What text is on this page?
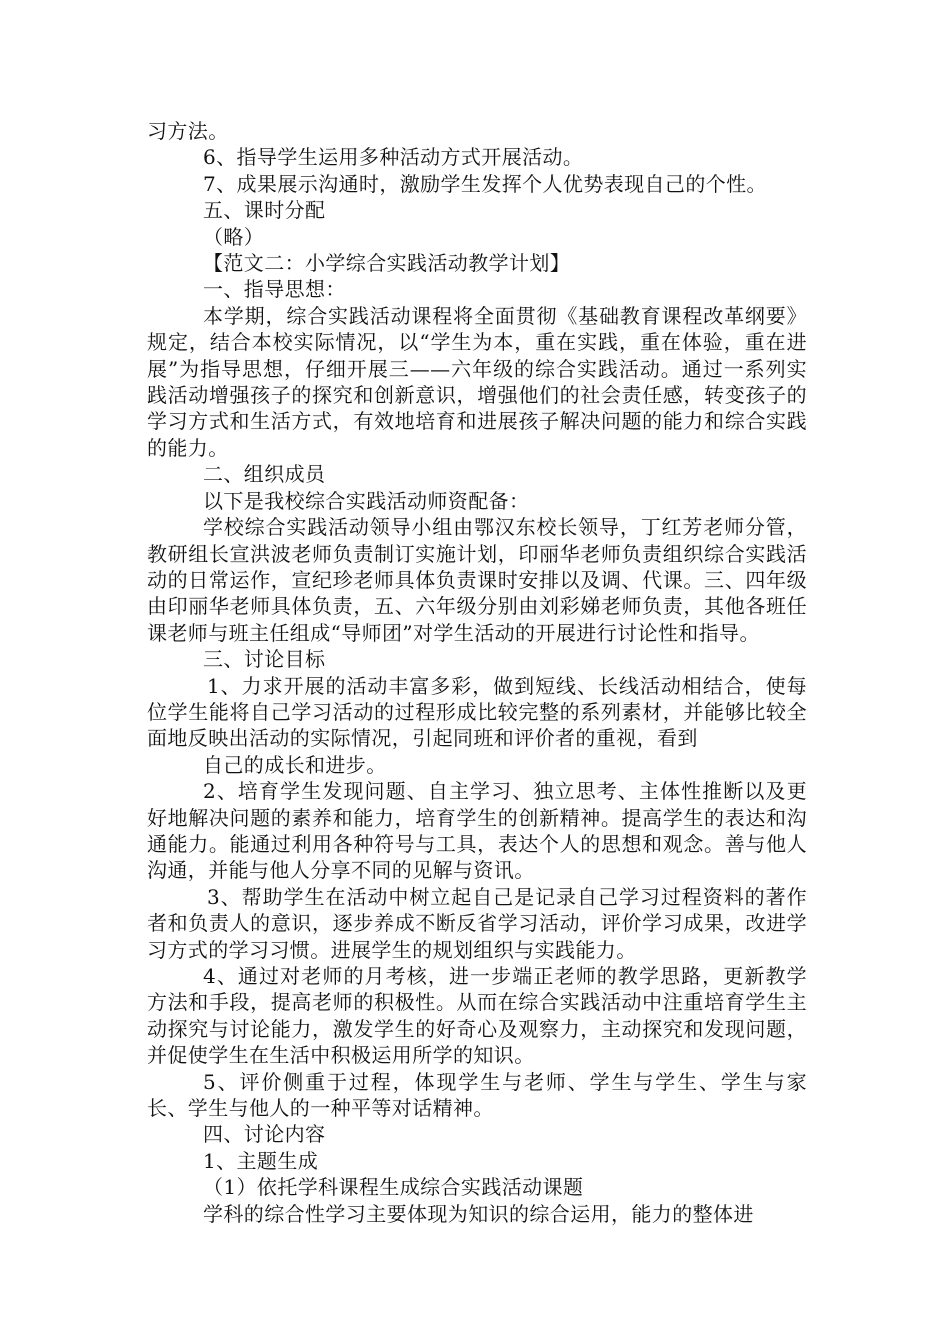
习方法。

6、指导学生运用多种活动方式开展活动。

7、成果展示沟通时，激励学生发挥个人优势表现自己的个性。

五、课时分配

（略）

【范文二：小学综合实践活动教学计划】

一、指导思想：

本学期，综合实践活动课程将全面贯彻《基础教育课程改革纲要》规定，结合本校实际情况，以“学生为本，重在实践，重在体验，重在进展”为指导思想，仔细开展三——六年级的综合实践活动。通过一系列实践活动增强孩子的探究和创新意识，增强他们的社会责任感，转变孩子的学习方式和生活方式，有效地培育和进展孩子解决问题的能力和综合实践的能力。

二、组织成员

以下是我校综合实践活动师资配备：

学校综合实践活动领导小组由鄂汉东校长领导，丁红芳老师分管，教研组长宣洪波老师负责制订实施计划，印丽华老师负责组织综合实践活动的日常运作，宣纪珍老师具体负责课时安排以及调、代课。三、四年级由印丽华老师具体负责，五、六年级分别由刘彩娣老师负责，其他各班任课老师与班主任组成“导师团”对学生活动的开展进行讨论性和指导。

三、讨论目标

1、力求开展的活动丰富多彩，做到短线、长线活动相结合，使每位学生能将自己学习活动的过程形成比较完整的系列素材，并能够比较全面地反映出活动的实际情况，引起同班和评价者的重视，看到

自己的成长和进步。

2、培育学生发现问题、自主学习、独立思考、主体性推断以及更好地解决问题的素养和能力，培育学生的创新精神。提高学生的表达和沟通能力。能通过利用各种符号与工具，表达个人的思想和观念。善与他人沟通，并能与他人分享不同的见解与资讯。

3、帮助学生在活动中树立起自己是记录自己学习过程资料的著作者和负责人的意识，逐步养成不断反省学习活动，评价学习成果，改进学习方式的学习习惯。进展学生的规划组织与实践能力。

4、通过对老师的月考核，进一步端正老师的教学思路，更新教学方法和手段，提高老师的积极性。从而在综合实践活动中注重培育学生主动探究与讨论能力，激发学生的好奇心及观察力，主动探究和发现问题，并促使学生在生活中积极运用所学的知识。

5、评价侧重于过程，体现学生与老师、学生与学生、学生与家长、学生与他人的一种平等对话精神。

四、讨论内容

1、主题生成

（1）依托学科课程生成综合实践活动课题

学科的综合性学习主要体现为知识的综合运用，能力的整体进
